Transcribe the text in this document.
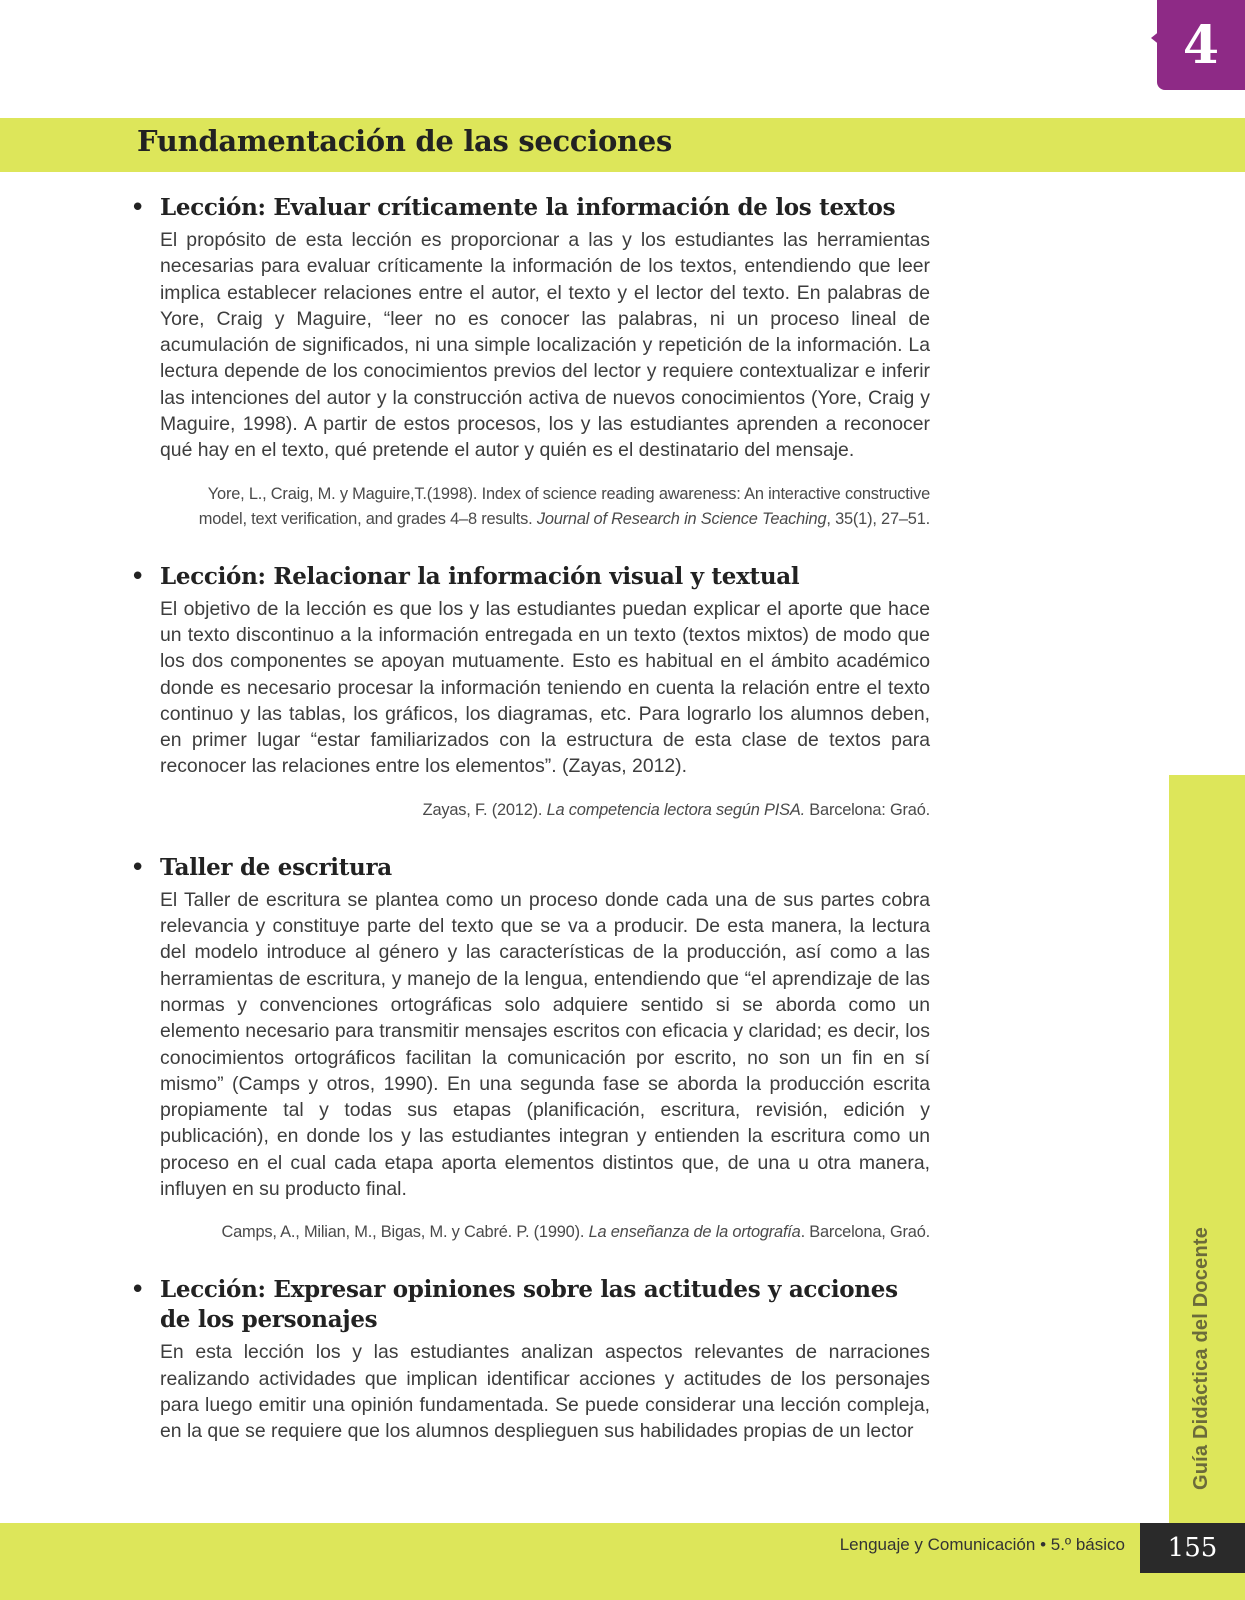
4
Fundamentación de las secciones
• Lección: Evaluar críticamente la información de los textos

El propósito de esta lección es proporcionar a las y los estudiantes las herramientas necesarias para evaluar críticamente la información de los textos, entendiendo que leer implica establecer relaciones entre el autor, el texto y el lector del texto. En palabras de Yore, Craig y Maguire, “leer no es conocer las palabras, ni un proceso lineal de acumulación de significados, ni una simple localización y repetición de la información. La lectura depende de los conocimientos previos del lector y requiere contextualizar e inferir las intenciones del autor y la construcción activa de nuevos conocimientos (Yore, Craig y Maguire, 1998). A partir de estos procesos, los y las estudiantes aprenden a reconocer qué hay en el texto, qué pretende el autor y quién es el destinatario del mensaje.

Yore, L., Craig, M. y Maguire,T.(1998). Index of science reading awareness: An interactive constructive model, text verification, and grades 4–8 results. Journal of Research in Science Teaching, 35(1), 27–51.

• Lección: Relacionar la información visual y textual

El objetivo de la lección es que los y las estudiantes puedan explicar el aporte que hace un texto discontinuo a la información entregada en un texto (textos mixtos) de modo que los dos componentes se apoyan mutuamente. Esto es habitual en el ámbito académico donde es necesario procesar la información teniendo en cuenta la relación entre el texto continuo y las tablas, los gráficos, los diagramas, etc. Para lograrlo los alumnos deben, en primer lugar “estar familiarizados con la estructura de esta clase de textos para reconocer las relaciones entre los elementos”. (Zayas, 2012).

Zayas, F. (2012). La competencia lectora según PISA. Barcelona: Graó.

• Taller de escritura

El Taller de escritura se plantea como un proceso donde cada una de sus partes cobra relevancia y constituye parte del texto que se va a producir. De esta manera, la lectura del modelo introduce al género y las características de la producción, así como a las herramientas de escritura, y manejo de la lengua, entendiendo que “el aprendizaje de las normas y convenciones ortográficas solo adquiere sentido si se aborda como un elemento necesario para transmitir mensajes escritos con eficacia y claridad; es decir, los conocimientos ortográficos facilitan la comunicación por escrito, no son un fin en sí mismo” (Camps y otros, 1990). En una segunda fase se aborda la producción escrita propiamente tal y todas sus etapas (planificación, escritura, revisión, edición y publicación), en donde los y las estudiantes integran y entienden la escritura como un proceso en el cual cada etapa aporta elementos distintos que, de una u otra manera, influyen en su producto final.

Camps, A., Milian, M., Bigas, M. y Cabré. P. (1990). La enseñanza de la ortografía. Barcelona, Graó.

• Lección: Expresar opiniones sobre las actitudes y acciones de los personajes

En esta lección los y las estudiantes analizan aspectos relevantes de narraciones realizando actividades que implican identificar acciones y actitudes de los personajes para luego emitir una opinión fundamentada. Se puede considerar una lección compleja, en la que se requiere que los alumnos desplieguen sus habilidades propias de un lector	Guía Didáctica del Docente
Lenguaje y Comunicación • 5.º básico	155
